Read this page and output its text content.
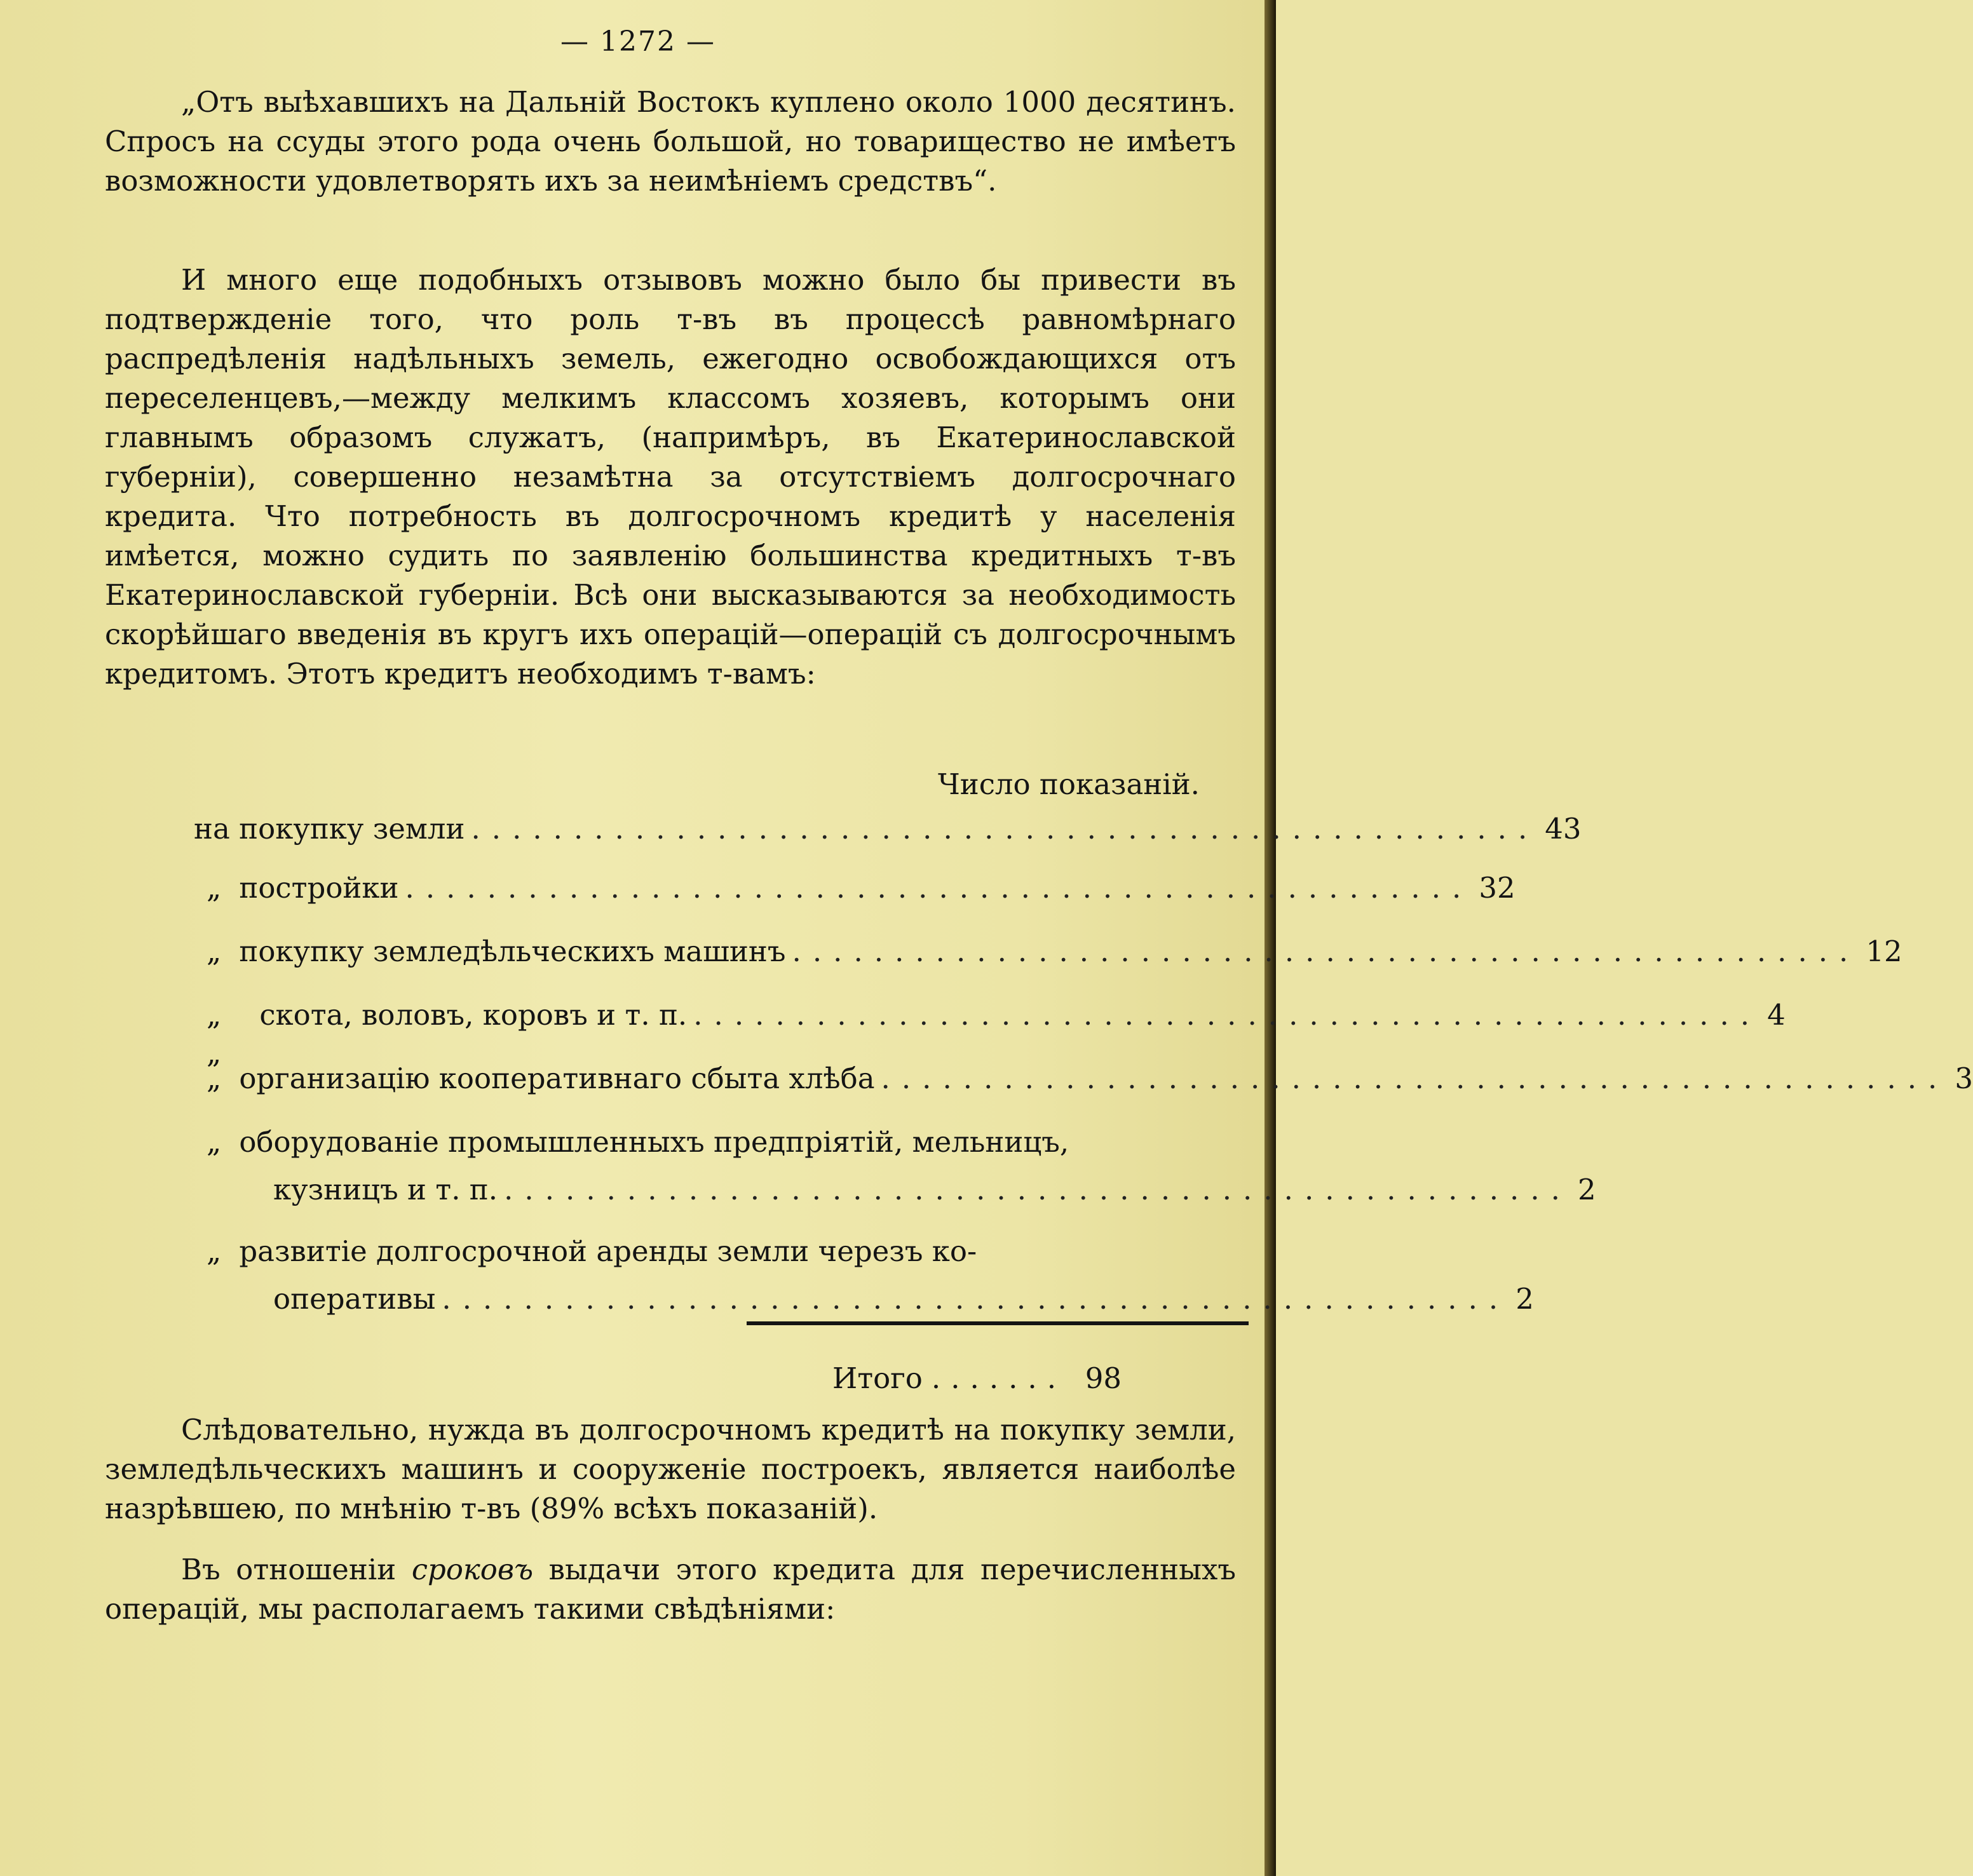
— 1272 —

„Отъ выѣхавшихъ на Дальній Востокъ куплено около 1000 десятинъ. Спросъ на ссуды этого рода очень большой, но товарищество не имѣетъ возможности удовлетворять ихъ за неимѣніемъ средствъ“.

И много еще подобныхъ отзывовъ можно было бы привести въ подтвержденіе того, что роль т-въ въ процессѣ равномѣрнаго распредѣленія надѣльныхъ земель, ежегодно освобождающихся отъ переселенцевъ,—между мелкимъ классомъ хозяевъ, которымъ они главнымъ образомъ служатъ, (напримѣръ, въ Екатеринославской губерніи), совершенно незамѣтна за отсутствіемъ долгосрочнаго кредита. Что потребность въ долгосрочномъ кредитѣ у населенія имѣется, можно судить по заявленію большинства кредитныхъ т-въ Екатеринославской губерніи. Всѣ они высказываются за необходимость скорѣйшаго введенія въ кругъ ихъ операцій—операцій съ долгосрочнымъ кредитомъ. Этотъ кредитъ необходимъ т-вамъ:

Число показаній.
на покупку земли .................................................... 43
„ постройки .................................................... 32
„ покупку земледѣльческихъ машинъ .................................................... 12
„ „
скота, воловъ, коровъ и т. п. .................................................... 4
„ организацію кооперативнаго сбыта хлѣба .................................................... 3
„ оборудованіе промышленныхъ предпріятій, мельницъ,
кузницъ и т. п. .................................................... 2
„ развитіе долгосрочной аренды земли черезъ ко-
оперативы .................................................... 2
Итого ....... 98

Слѣдовательно, нужда въ долгосрочномъ кредитѣ на покупку земли, земледѣльческихъ машинъ и сооруженіе построекъ, является наиболѣе назрѣвшею, по мнѣнію т-въ (89% всѣхъ показаній).

Въ отношеніи сроковъ выдачи этого кредита для перечисленныхъ операцій, мы располагаемъ такими свѣдѣніями:
